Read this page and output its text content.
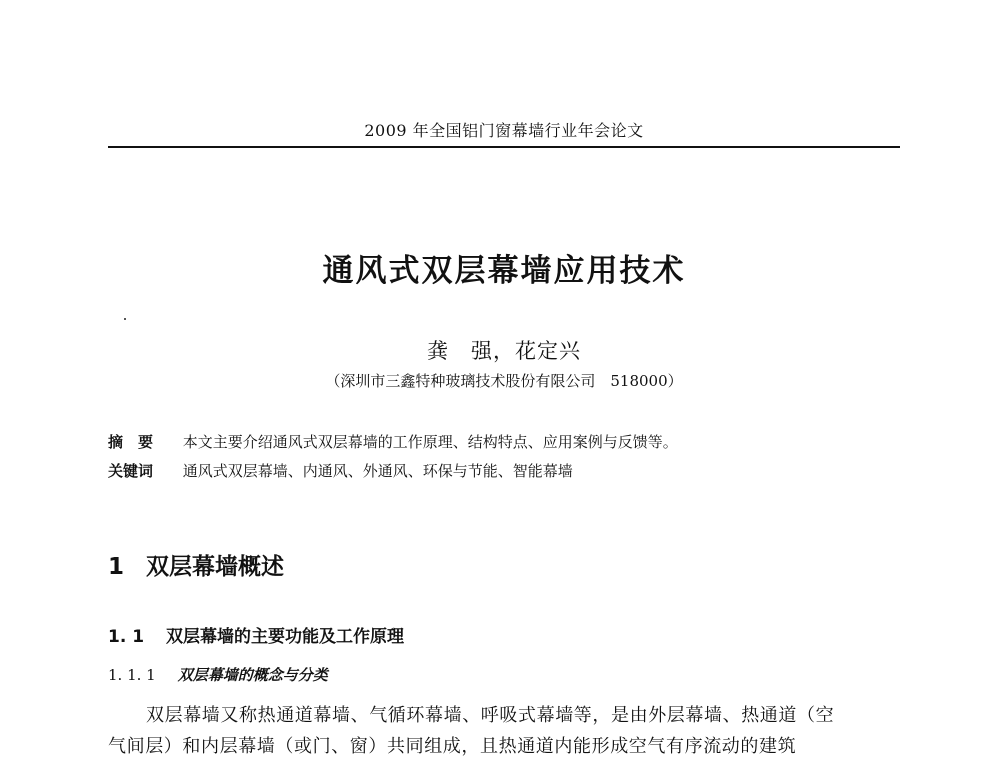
2009 年全国铝门窗幕墙行业年会论文
通风式双层幕墙应用技术
龚　强，花定兴
（深圳市三鑫特种玻璃技术股份有限公司　518000）
摘　要 本文主要介绍通风式双层幕墙的工作原理、结构特点、应用案例与反馈等。
关键词 通风式双层幕墙、内通风、外通风、环保与节能、智能幕墙
1 双层幕墙概述
1. 1 双层幕墙的主要功能及工作原理
1. 1. 1 双层幕墙的概念与分类
双层幕墙又称热通道幕墙、气循环幕墙、呼吸式幕墙等，是由外层幕墙、热通道（空
气间层）和内层幕墙（或门、窗）共同组成，且热通道内能形成空气有序流动的建筑
